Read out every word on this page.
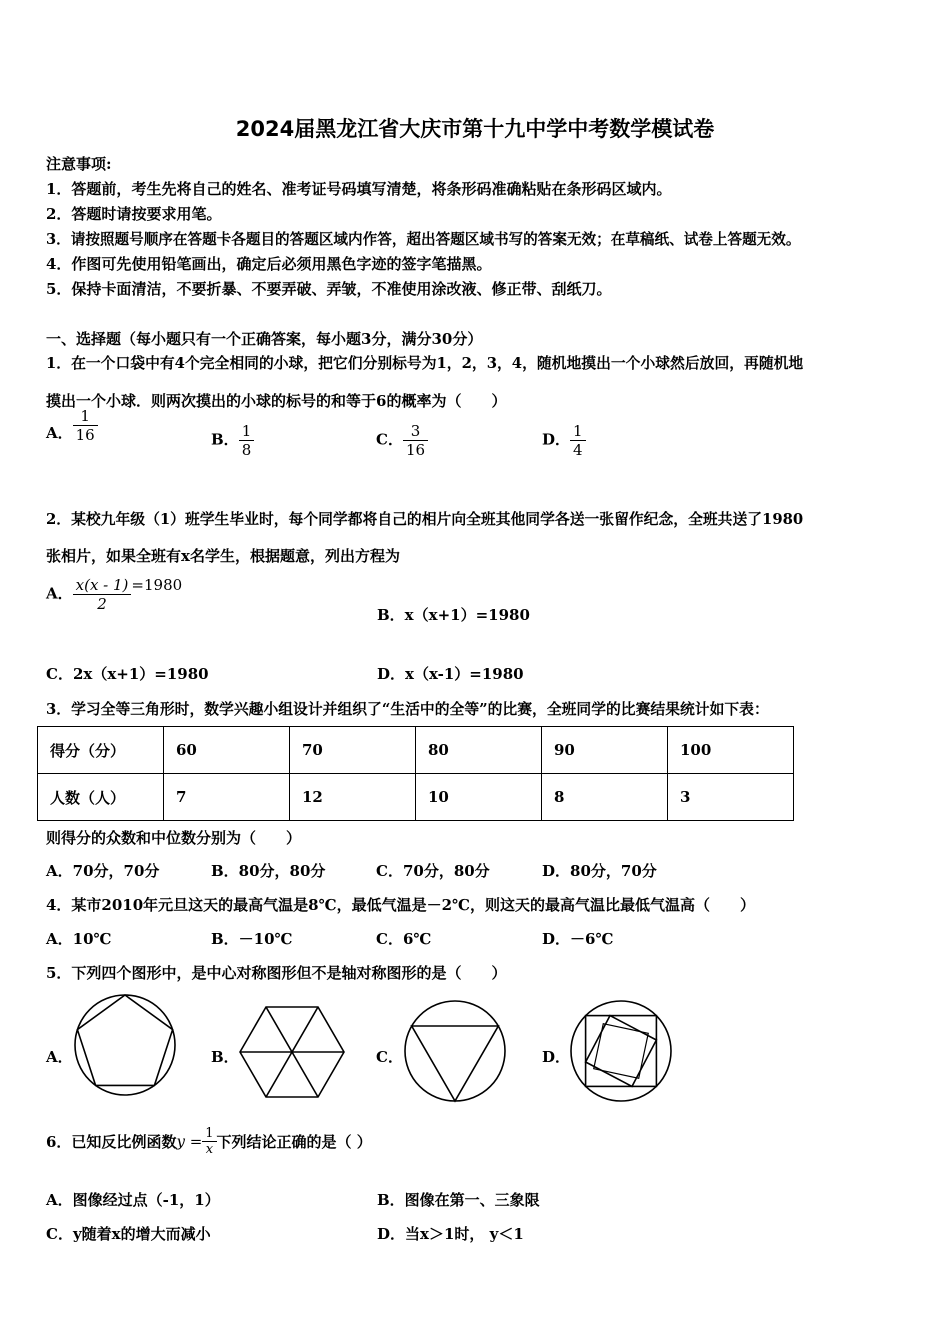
2024届黑龙江省大庆市第十九中学中考数学模试卷
注意事项:
1．答题前，考生先将自己的姓名、准考证号码填写清楚，将条形码准确粘贴在条形码区域内。
2．答题时请按要求用笔。
3．请按照题号顺序在答题卡各题目的答题区域内作答，超出答题区域书写的答案无效；在草稿纸、试卷上答题无效。
4．作图可先使用铅笔画出，确定后必须用黑色字迹的签字笔描黑。
5．保持卡面清洁，不要折暴、不要弄破、弄皱，不准使用涂改液、修正带、刮纸刀。
一、选择题（每小题只有一个正确答案，每小题3分，满分30分）
1．在一个口袋中有4个完全相同的小球，把它们分别标号为1，2，3，4，随机地摸出一个小球然后放回，再随机地
摸出一个小球．则两次摸出的小球的标号的和等于6的概率为（　　）
A． $\frac{1}{16}$	B． $\frac{1}{8}$	C． $\frac{3}{16}$	D． $\frac{1}{4}$
2．某校九年级（1）班学生毕业时，每个同学都将自己的相片向全班其他同学各送一张留作纪念，全班共送了1980
张相片，如果全班有x名学生，根据题意，列出方程为
A． $\frac{x(x - 1)}{2} =1980$
B．x（x+1）=1980
C．2x（x+1）=1980	D．x（x-1）=1980
3．学习全等三角形时，数学兴趣小组设计并组织了“生活中的全等”的比赛，全班同学的比赛结果统计如下表：
得分（分）	60	70	80	90	100
人数（人）	7	12	10	8	3
则得分的众数和中位数分别为（　　）
A．70分，70分	B．80分，80分	C．70分，80分	D．80分，70分
4．某市2010年元旦这天的最高气温是8℃，最低气温是－2℃，则这天的最高气温比最低气温高（　　）
A．10℃	B．－10℃	C．6℃	D．－6℃
5．下列四个图形中，是中心对称图形但不是轴对称图形的是（　　）
A．	B．	C．	D．
6．已知反比例函数$y = \frac{1}{x}$ 下列结论正确的是（ ）
A．图像经过点（-1，1）	B．图像在第一、三象限
C．y随着x的增大而减小	D．当x＞1时， y＜1
